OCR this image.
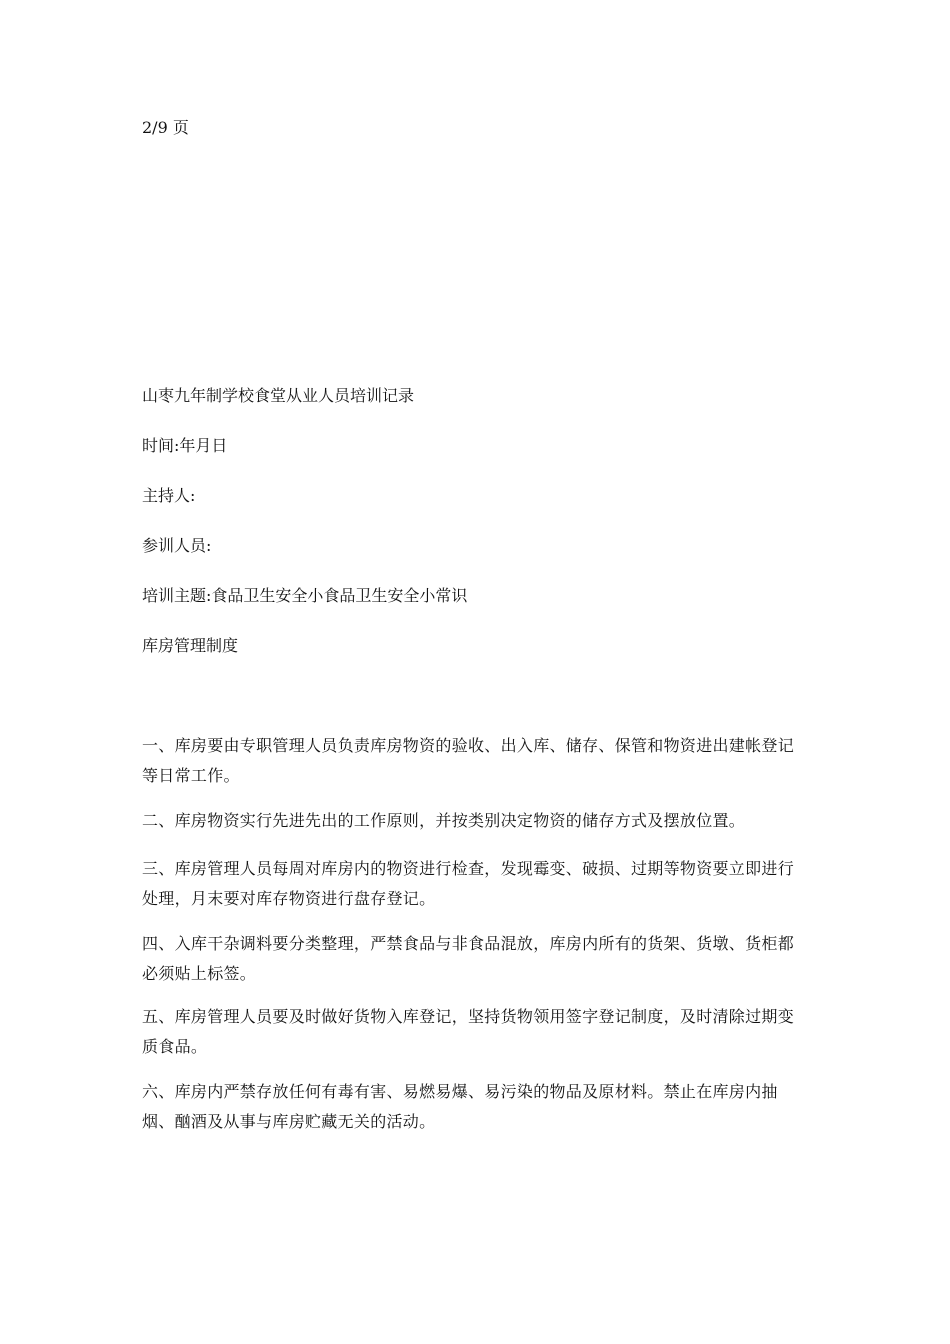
2/9 页
山枣九年制学校食堂从业人员培训记录
时间:年月日
主持人:
参训人员:
培训主题:食品卫生安全小食品卫生安全小常识
库房管理制度
一、库房要由专职管理人员负责库房物资的验收、出入库、储存、保管和物资进出建帐登记等日常工作。
二、库房物资实行先进先出的工作原则，并按类别决定物资的储存方式及摆放位置。
三、库房管理人员每周对库房内的物资进行检查，发现霉变、破损、过期等物资要立即进行处理，月末要对库存物资进行盘存登记。
四、入库干杂调料要分类整理，严禁食品与非食品混放，库房内所有的货架、货墩、货柜都必须贴上标签。
五、库房管理人员要及时做好货物入库登记，坚持货物领用签字登记制度，及时清除过期变质食品。
六、库房内严禁存放任何有毒有害、易燃易爆、易污染的物品及原材料。禁止在库房内抽烟、酗酒及从事与库房贮藏无关的活动。
